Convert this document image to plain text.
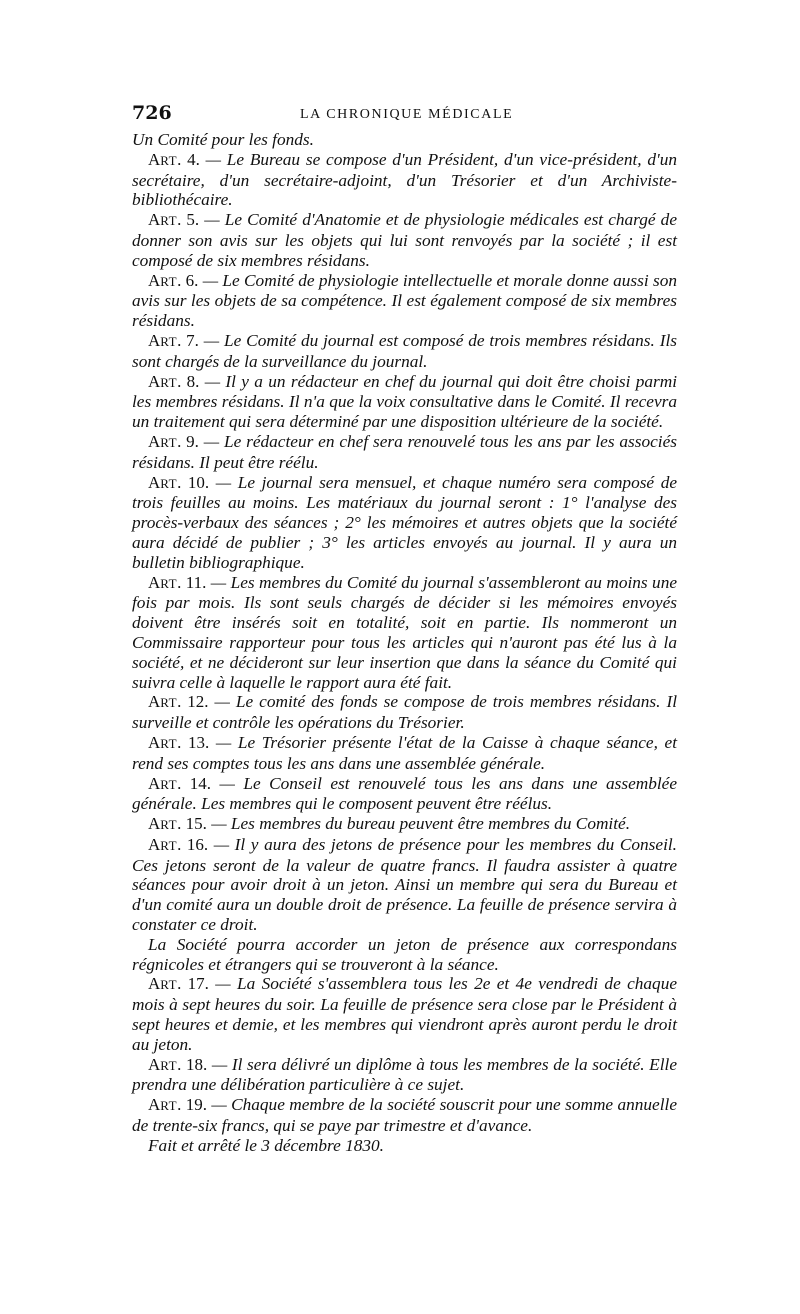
726	LA CHRONIQUE MÉDICALE

Un Comité pour les fonds.

ART. 4. — Le Bureau se compose d'un Président, d'un vice-président, d'un secrétaire, d'un secrétaire-adjoint, d'un Trésorier et d'un Archiviste-bibliothécaire.

ART. 5. — Le Comité d'Anatomie et de physiologie médicales est chargé de donner son avis sur les objets qui lui sont renvoyés par la société ; il est composé de six membres résidans.

ART. 6. — Le Comité de physiologie intellectuelle et morale donne aussi son avis sur les objets de sa compétence. Il est également composé de six membres résidans.

ART. 7. — Le Comité du journal est composé de trois membres résidans. Ils sont chargés de la surveillance du journal.

ART. 8. — Il y a un rédacteur en chef du journal qui doit être choisi parmi les membres résidans. Il n'a que la voix consultative dans le Comité. Il recevra un traitement qui sera déterminé par une disposition ultérieure de la société.

ART. 9. — Le rédacteur en chef sera renouvelé tous les ans par les associés résidans. Il peut être réélu.

ART. 10. — Le journal sera mensuel, et chaque numéro sera composé de trois feuilles au moins. Les matériaux du journal seront : 1° l'analyse des procès-verbaux des séances ; 2° les mémoires et autres objets que la société aura décidé de publier ; 3° les articles envoyés au journal. Il y aura un bulletin bibliographique.

ART. 11. — Les membres du Comité du journal s'assembleront au moins une fois par mois. Ils sont seuls chargés de décider si les mémoires envoyés doivent être insérés soit en totalité, soit en partie. Ils nommeront un Commissaire rapporteur pour tous les articles qui n'auront pas été lus à la société, et ne décideront sur leur insertion que dans la séance du Comité qui suivra celle à laquelle le rapport aura été fait.

ART. 12. — Le comité des fonds se compose de trois membres résidans. Il surveille et contrôle les opérations du Trésorier.

ART. 13. — Le Trésorier présente l'état de la Caisse à chaque séance, et rend ses comptes tous les ans dans une assemblée générale.

ART. 14. — Le Conseil est renouvelé tous les ans dans une assemblée générale. Les membres qui le composent peuvent être réélus.

ART. 15. — Les membres du bureau peuvent être membres du Comité.

ART. 16. — Il y aura des jetons de présence pour les membres du Conseil. Ces jetons seront de la valeur de quatre francs. Il faudra assister à quatre séances pour avoir droit à un jeton. Ainsi un membre qui sera du Bureau et d'un comité aura un double droit de présence. La feuille de présence servira à constater ce droit.

La Société pourra accorder un jeton de présence aux correspondans régnicoles et étrangers qui se trouveront à la séance.

ART. 17. — La Société s'assemblera tous les 2e et 4e vendredi de chaque mois à sept heures du soir. La feuille de présence sera close par le Président à sept heures et demie, et les membres qui viendront après auront perdu le droit au jeton.

ART. 18. — Il sera délivré un diplôme à tous les membres de la société. Elle prendra une délibération particulière à ce sujet.

ART. 19. — Chaque membre de la société souscrit pour une somme annuelle de trente-six francs, qui se paye par trimestre et d'avance.

Fait et arrêté le 3 décembre 1830.
